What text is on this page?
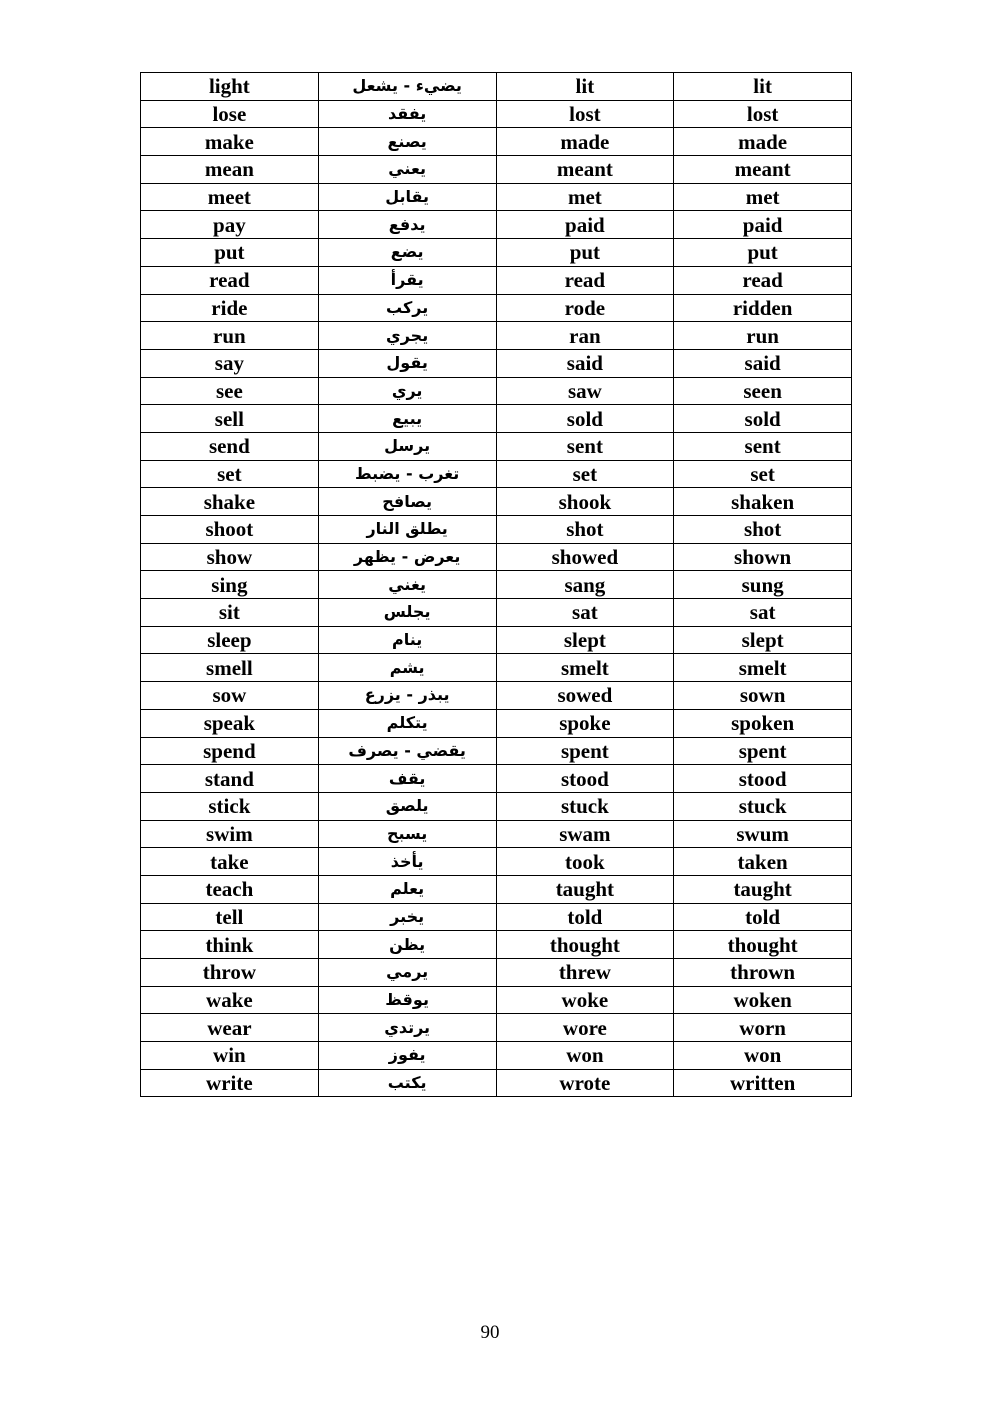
light	يضيء - يشعل	lit	lit
lose	يفقد	lost	lost
make	يصنع	made	made
mean	يعني	meant	meant
meet	يقابل	met	met
pay	يدفع	paid	paid
put	يضع	put	put
read	يقرأ	read	read
ride	يركب	rode	ridden
run	يجري	ran	run
say	يقول	said	said
see	يري	saw	seen
sell	يبيع	sold	sold
send	يرسل	sent	sent
set	تغرب - يضبط	set	set
shake	يصافح	shook	shaken
shoot	يطلق النار	shot	shot
show	يعرض - يظهر	showed	shown
sing	يغني	sang	sung
sit	يجلس	sat	sat
sleep	ينام	slept	slept
smell	يشم	smelt	smelt
sow	يبذر - يزرع	sowed	sown
speak	يتكلم	spoke	spoken
spend	يقضي - يصرف	spent	spent
stand	يقف	stood	stood
stick	يلصق	stuck	stuck
swim	يسبح	swam	swum
take	يأخذ	took	taken
teach	يعلم	taught	taught
tell	يخبر	told	told
think	يظن	thought	thought
throw	يرمي	threw	thrown
wake	يوقظ	woke	woken
wear	يرتدي	wore	worn
win	يفوز	won	won
write	يكتب	wrote	written
90
